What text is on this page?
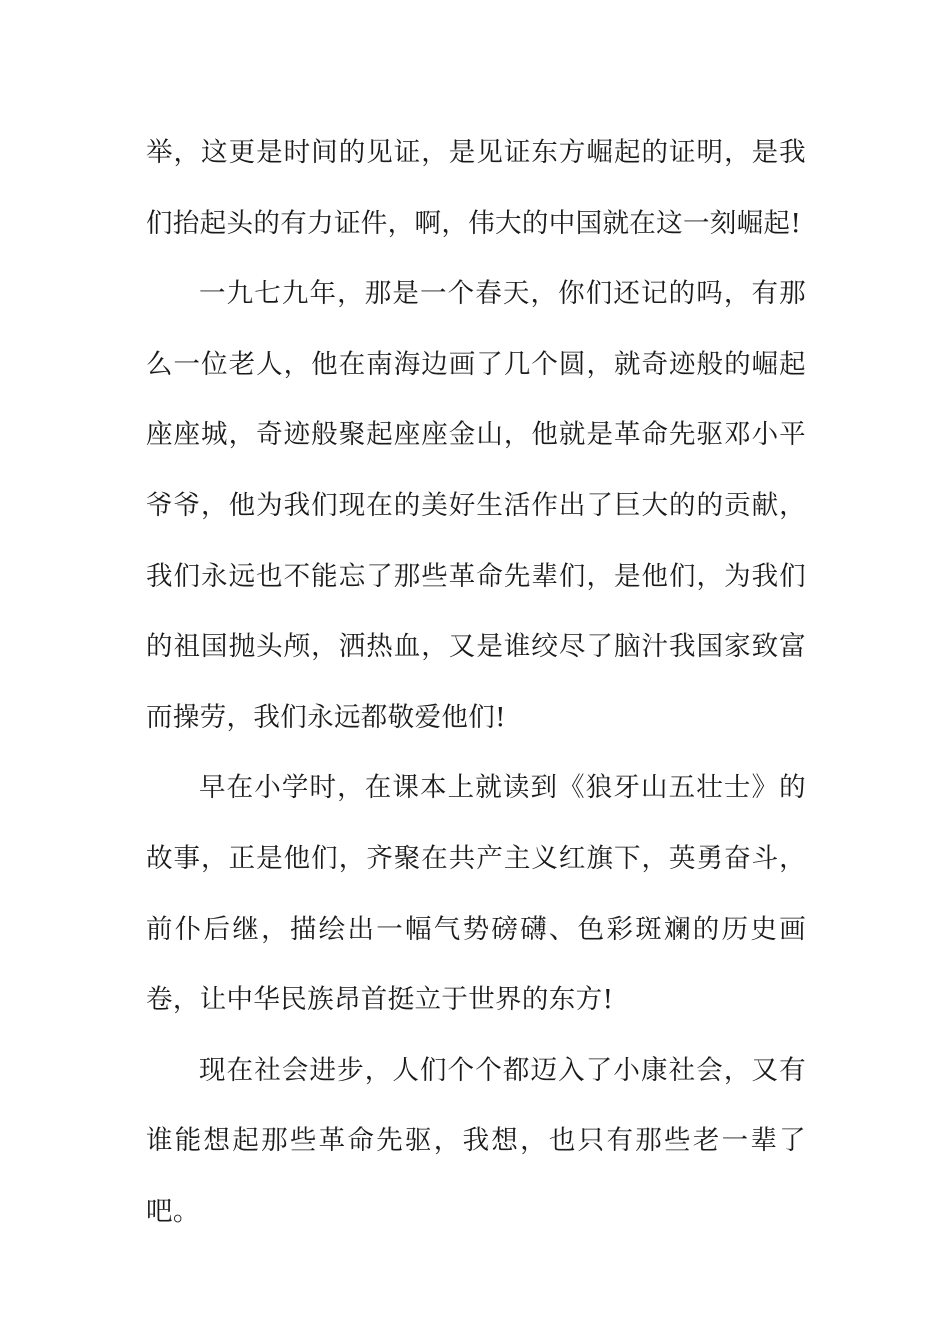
举，这更是时间的见证，是见证东方崛起的证明，是我们抬起头的有力证件，啊，伟大的中国就在这一刻崛起!

一九七九年，那是一个春天，你们还记的吗，有那么一位老人，他在南海边画了几个圆，就奇迹般的崛起座座城，奇迹般聚起座座金山，他就是革命先驱邓小平爷爷，他为我们现在的美好生活作出了巨大的的贡献，我们永远也不能忘了那些革命先辈们，是他们，为我们的祖国抛头颅，洒热血，又是谁绞尽了脑汁我国家致富而操劳，我们永远都敬爱他们!

早在小学时，在课本上就读到《狼牙山五壮士》的故事，正是他们，齐聚在共产主义红旗下，英勇奋斗，前仆后继，描绘出一幅气势磅礴、色彩斑斓的历史画卷，让中华民族昂首挺立于世界的东方!

现在社会进步，人们个个都迈入了小康社会，又有谁能想起那些革命先驱，我想，也只有那些老一辈了吧。
